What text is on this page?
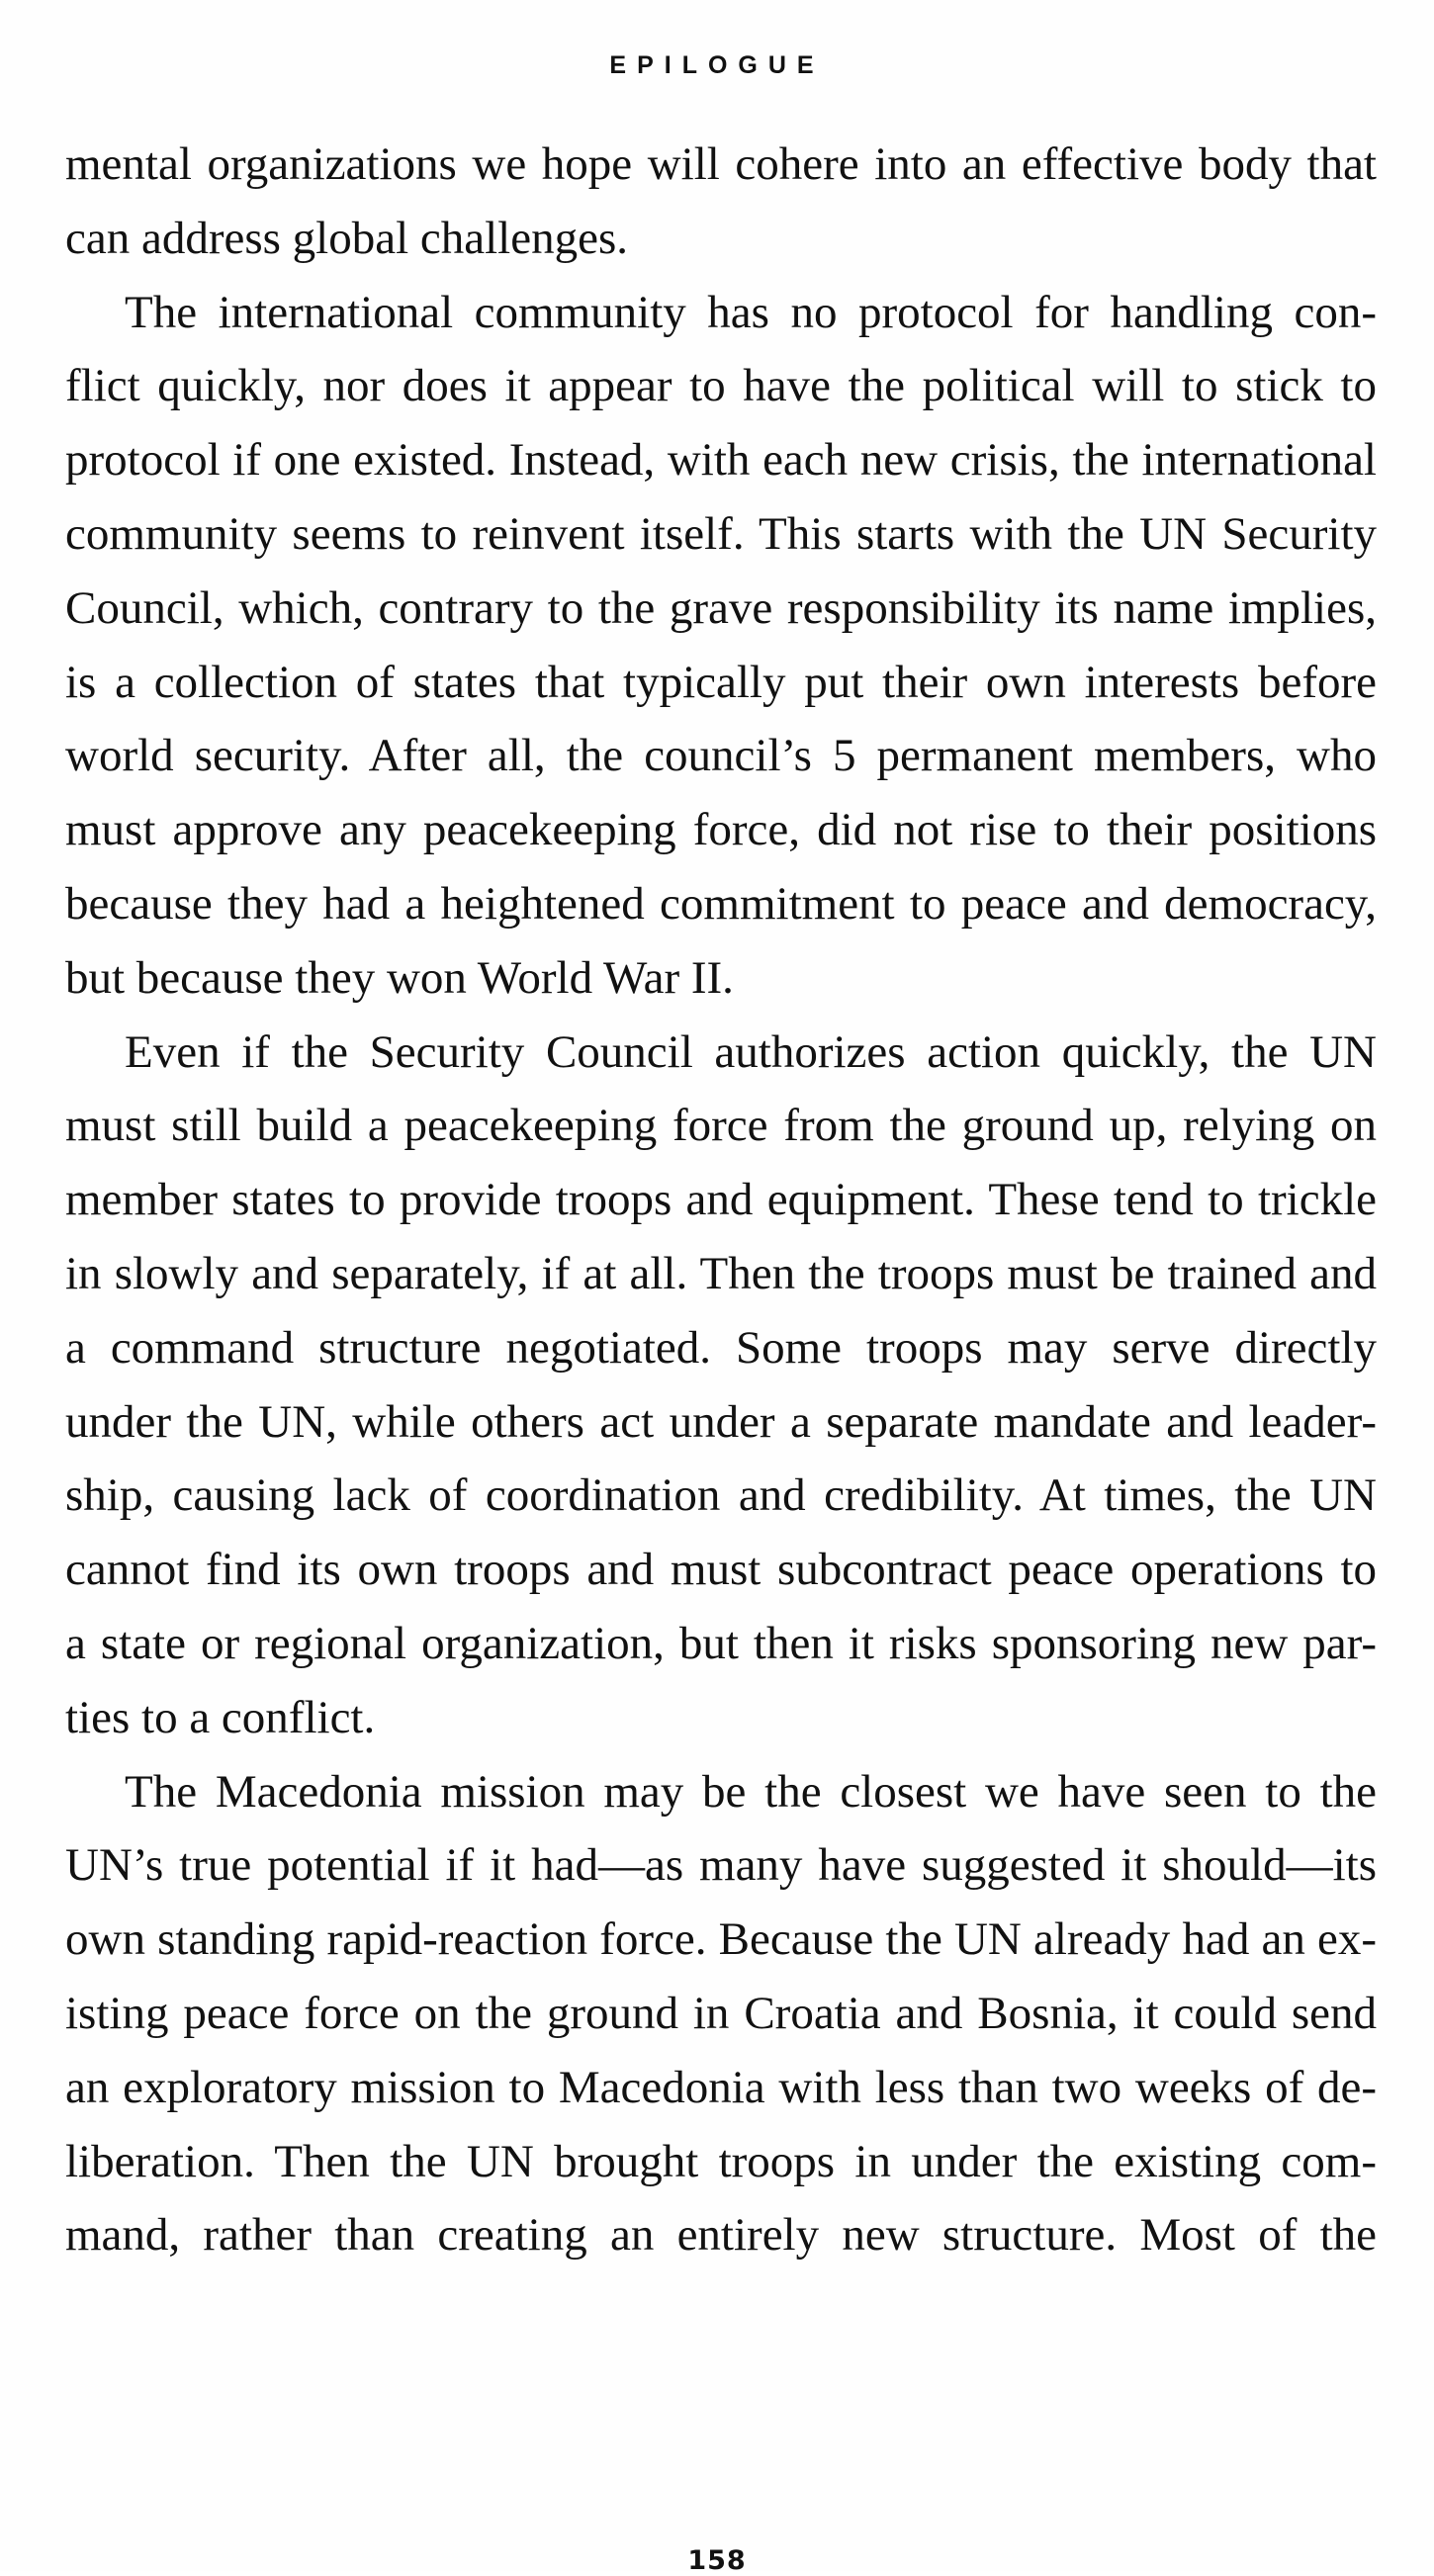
EPILOGUE
mental organizations we hope will cohere into an effective body that
can address global challenges.
The international community has no protocol for handling con-
flict quickly, nor does it appear to have the political will to stick to
protocol if one existed. Instead, with each new crisis, the international
community seems to reinvent itself. This starts with the UN Security
Council, which, contrary to the grave responsibility its name implies,
is a collection of states that typically put their own interests before
world security. After all, the council’s 5 permanent members, who
must approve any peacekeeping force, did not rise to their positions
because they had a heightened commitment to peace and democracy,
but because they won World War II.
Even if the Security Council authorizes action quickly, the UN
must still build a peacekeeping force from the ground up, relying on
member states to provide troops and equipment. These tend to trickle
in slowly and separately, if at all. Then the troops must be trained and
a command structure negotiated. Some troops may serve directly
under the UN, while others act under a separate mandate and leader-
ship, causing lack of coordination and credibility. At times, the UN
cannot find its own troops and must subcontract peace operations to
a state or regional organization, but then it risks sponsoring new par-
ties to a conflict.
The Macedonia mission may be the closest we have seen to the
UN’s true potential if it had—as many have suggested it should—its
own standing rapid-reaction force. Because the UN already had an ex-
isting peace force on the ground in Croatia and Bosnia, it could send
an exploratory mission to Macedonia with less than two weeks of de-
liberation. Then the UN brought troops in under the existing com-
mand, rather than creating an entirely new structure. Most of the
158
